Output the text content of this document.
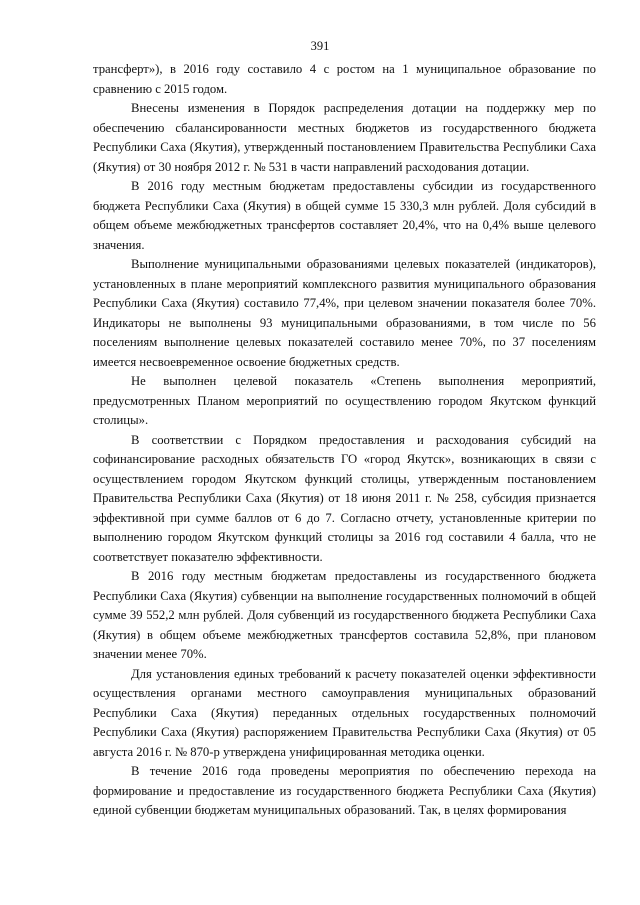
391

трансферт»), в 2016 году составило 4 с ростом на 1 муниципальное образование по сравнению с 2015 годом.

Внесены изменения в Порядок распределения дотации на поддержку мер по обеспечению сбалансированности местных бюджетов из государственного бюджета Республики Саха (Якутия), утвержденный постановлением Правительства Республики Саха (Якутия) от 30 ноября 2012 г. № 531 в части направлений расходования дотации.

В 2016 году местным бюджетам предоставлены субсидии из государственного бюджета Республики Саха (Якутия) в общей сумме 15 330,3 млн рублей. Доля субсидий в общем объеме межбюджетных трансфертов составляет 20,4%, что на 0,4% выше целевого значения.

Выполнение муниципальными образованиями целевых показателей (индикаторов), установленных в плане мероприятий комплексного развития муниципального образования Республики Саха (Якутия) составило 77,4%, при целевом значении показателя более 70%. Индикаторы не выполнены 93 муниципальными образованиями, в том числе по 56 поселениям выполнение целевых показателей составило менее 70%, по 37 поселениям имеется несвоевременное освоение бюджетных средств.

Не выполнен целевой показатель «Степень выполнения мероприятий, предусмотренных Планом мероприятий по осуществлению городом Якутском функций столицы».

В соответствии с Порядком предоставления и расходования субсидий на софинансирование расходных обязательств ГО «город Якутск», возникающих в связи с осуществлением городом Якутском функций столицы, утвержденным постановлением Правительства Республики Саха (Якутия) от 18 июня 2011 г. № 258, субсидия признается эффективной при сумме баллов от 6 до 7. Согласно отчету, установленные критерии по выполнению городом Якутском функций столицы за 2016 год составили 4 балла, что не соответствует показателю эффективности.

В 2016 году местным бюджетам предоставлены из государственного бюджета Республики Саха (Якутия) субвенции на выполнение государственных полномочий в общей сумме 39 552,2 млн рублей. Доля субвенций из государственного бюджета Республики Саха (Якутия) в общем объеме межбюджетных трансфертов составила 52,8%, при плановом значении менее 70%.

Для установления единых требований к расчету показателей оценки эффективности осуществления органами местного самоуправления муниципальных образований Республики Саха (Якутия) переданных отдельных государственных полномочий Республики Саха (Якутия) распоряжением Правительства Республики Саха (Якутия) от 05 августа 2016 г. № 870-р утверждена унифицированная методика оценки.

В течение 2016 года проведены мероприятия по обеспечению перехода на формирование и предоставление из государственного бюджета Республики Саха (Якутия) единой субвенции бюджетам муниципальных образований. Так, в целях формирования
